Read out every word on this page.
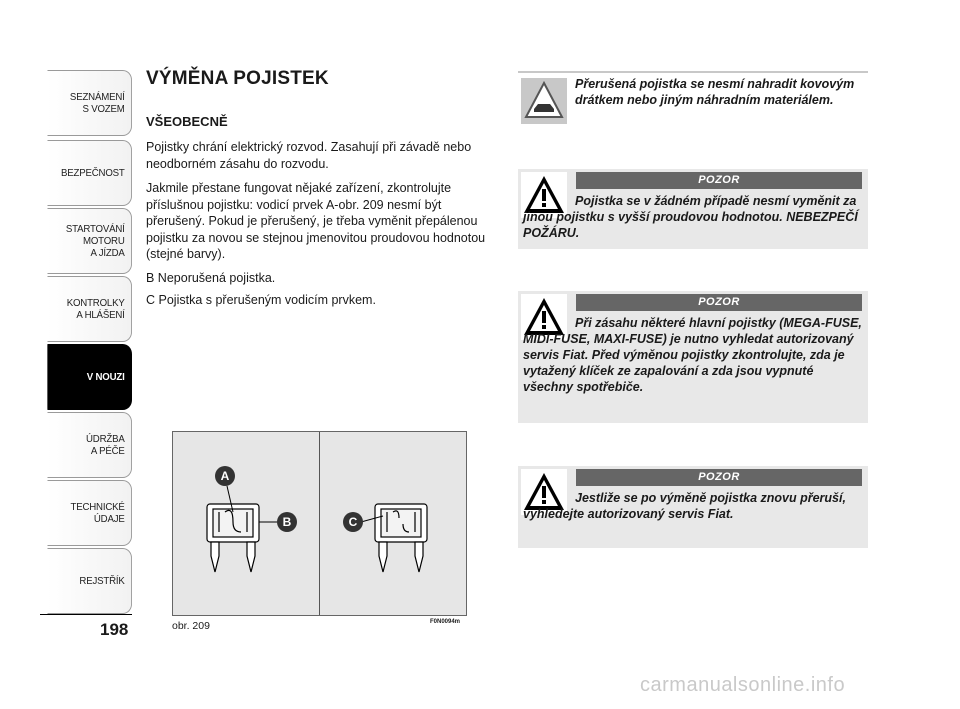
SEZNÁMENÍ
S VOZEM
BEZPEČNOST
STARTOVÁNÍ
MOTORU
A JÍZDA
KONTROLKY
A HLÁŠENÍ
V NOUZI
ÚDRŽBA
A PÉČE
TECHNICKÉ
ÚDAJE
REJSTŘÍK
198
VÝMĚNA POJISTEK
VŠEOBECNĚ
Pojistky chrání elektrický rozvod. Zasahují při závadě nebo neodborném zásahu do rozvodu.
Jakmile přestane fungovat nějaké zařízení, zkontrolujte příslušnou pojistku: vodicí prvek A-obr. 209 nesmí být přerušený. Pokud je přerušený, je třeba vyměnit přepálenou pojistku za novou se stejnou jmenovitou proudovou hodnotou (stejné barvy).
B Neporušená pojistka.
C Pojistka s přerušeným vodicím prvkem.
A
B	C
obr. 209	F0N0094m
Přerušená pojistka se nesmí nahradit kovovým drátkem nebo jiným náhradním materiálem.
POZOR
Pojistka se v žádném případě nesmí vyměnit za jinou pojistku s vyšší proudovou hodnotou. NEBEZPEČÍ POŽÁRU.
POZOR
Při zásahu některé hlavní pojistky (MEGA-FUSE, MIDI-FUSE, MAXI-FUSE) je nutno vyhledat autorizovaný servis Fiat. Před výměnou pojistky zkontrolujte, zda je vytažený klíček ze zapalování a zda jsou vypnuté všechny spotřebiče.
POZOR
Jestliže se po výměně pojistka znovu přeruší, vyhledejte autorizovaný servis Fiat.
carmanualsonline.info
